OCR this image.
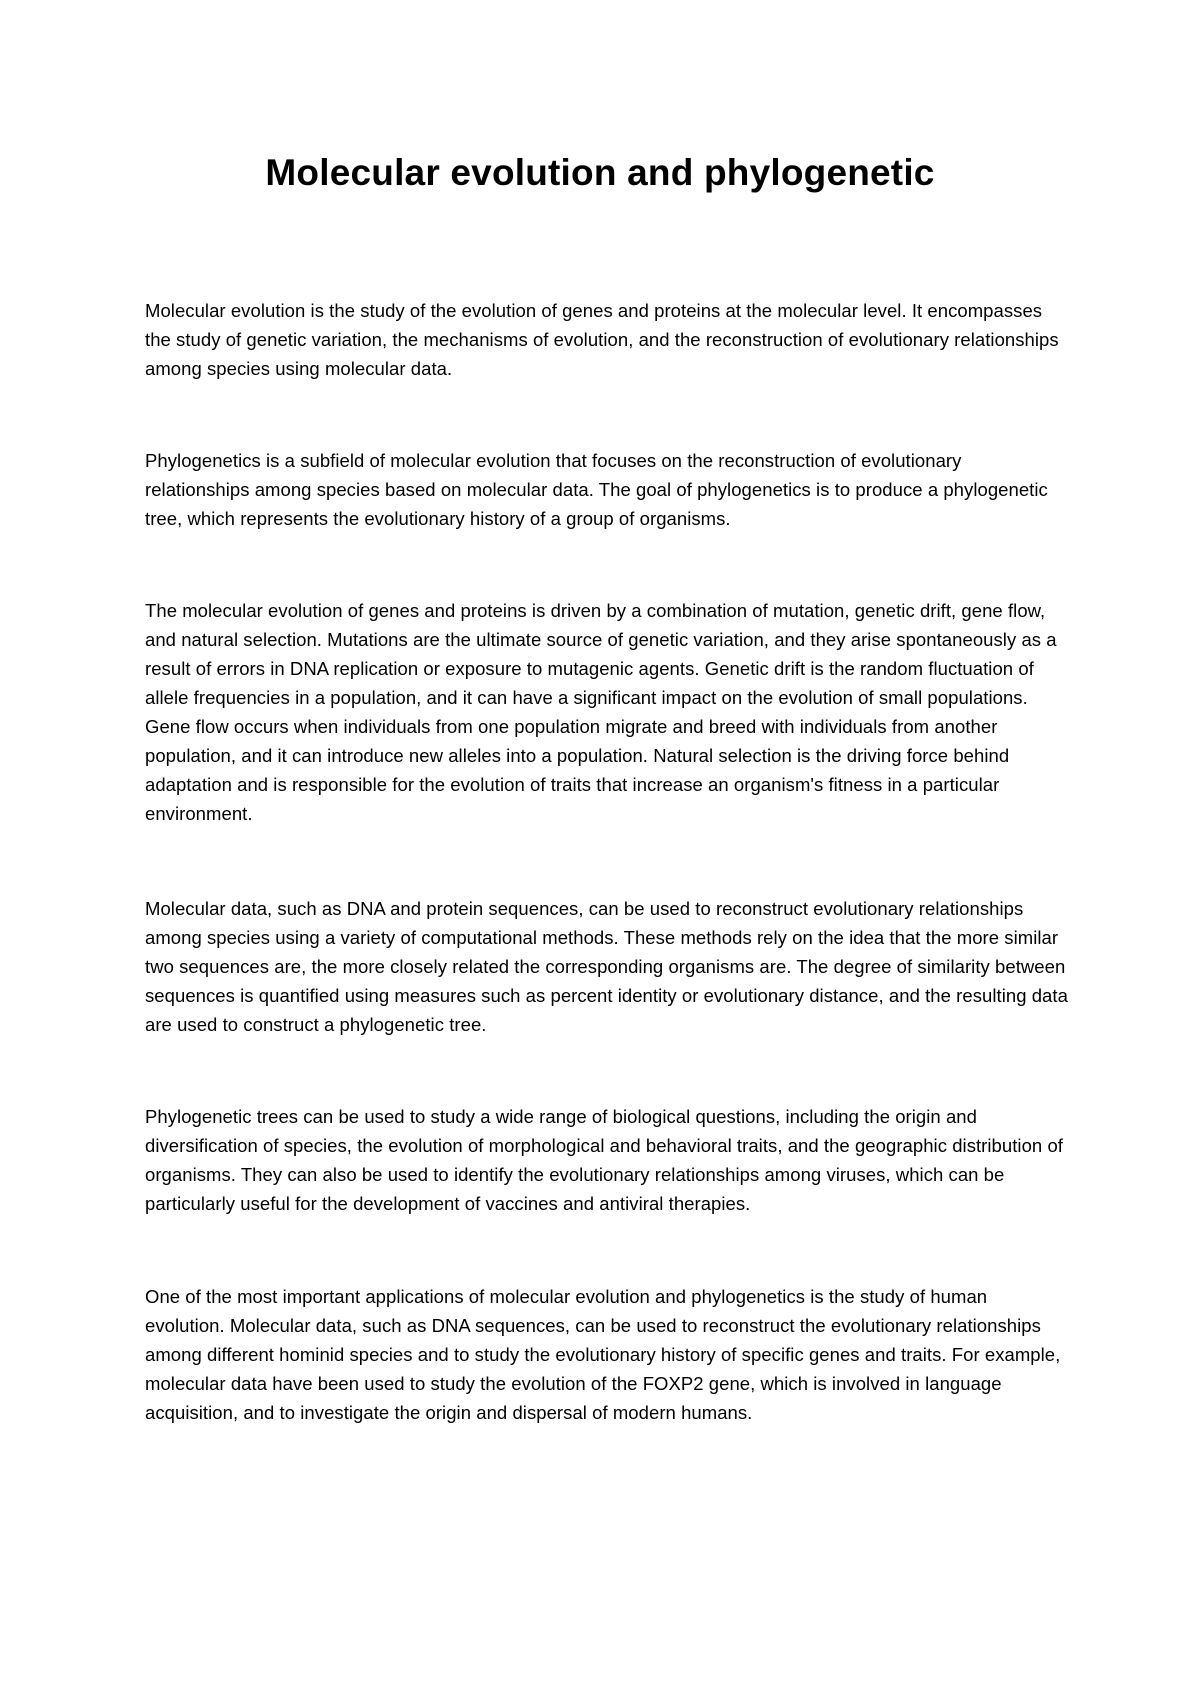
Molecular evolution and phylogenetic

Molecular evolution is the study of the evolution of genes and proteins at the molecular level. It encompasses the study of genetic variation, the mechanisms of evolution, and the reconstruction of evolutionary relationships among species using molecular data.

Phylogenetics is a subfield of molecular evolution that focuses on the reconstruction of evolutionary relationships among species based on molecular data. The goal of phylogenetics is to produce a phylogenetic tree, which represents the evolutionary history of a group of organisms.

The molecular evolution of genes and proteins is driven by a combination of mutation, genetic drift, gene flow, and natural selection. Mutations are the ultimate source of genetic variation, and they arise spontaneously as a result of errors in DNA replication or exposure to mutagenic agents. Genetic drift is the random fluctuation of allele frequencies in a population, and it can have a significant impact on the evolution of small populations. Gene flow occurs when individuals from one population migrate and breed with individuals from another population, and it can introduce new alleles into a population. Natural selection is the driving force behind adaptation and is responsible for the evolution of traits that increase an organism's fitness in a particular environment.

Molecular data, such as DNA and protein sequences, can be used to reconstruct evolutionary relationships among species using a variety of computational methods. These methods rely on the idea that the more similar two sequences are, the more closely related the corresponding organisms are. The degree of similarity between sequences is quantified using measures such as percent identity or evolutionary distance, and the resulting data are used to construct a phylogenetic tree.

Phylogenetic trees can be used to study a wide range of biological questions, including the origin and diversification of species, the evolution of morphological and behavioral traits, and the geographic distribution of organisms. They can also be used to identify the evolutionary relationships among viruses, which can be particularly useful for the development of vaccines and antiviral therapies.

One of the most important applications of molecular evolution and phylogenetics is the study of human evolution. Molecular data, such as DNA sequences, can be used to reconstruct the evolutionary relationships among different hominid species and to study the evolutionary history of specific genes and traits. For example, molecular data have been used to study the evolution of the FOXP2 gene, which is involved in language acquisition, and to investigate the origin and dispersal of modern humans.
